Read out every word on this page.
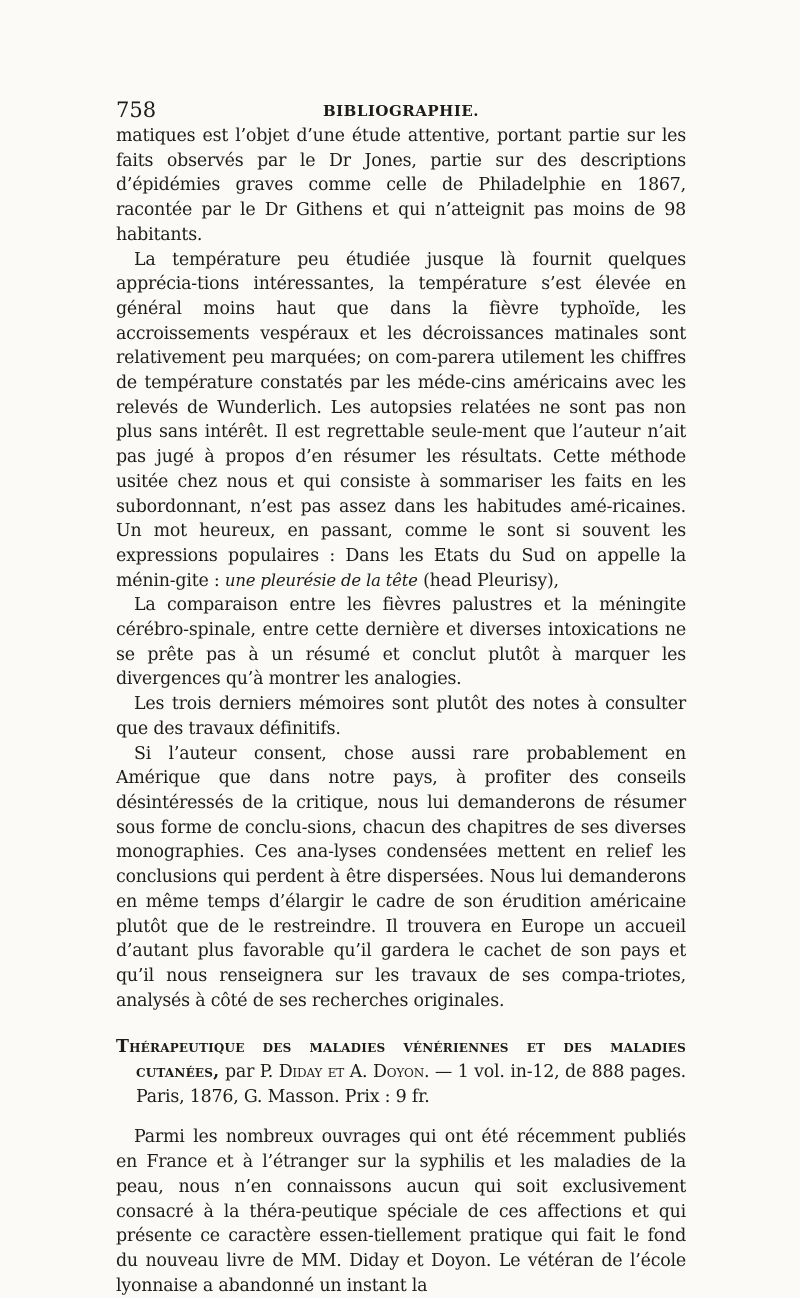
758	BIBLIOGRAPHIE.

matiques est l’objet d’une étude attentive, portant partie sur les faits observés par le Dr Jones, partie sur des descriptions d’épidémies graves comme celle de Philadelphie en 1867, racontée par le Dr Githens et qui n’atteignit pas moins de 98 habitants.

La température peu étudiée jusque là fournit quelques apprécia-tions intéressantes, la température s’est élevée en général moins haut que dans la fièvre typhoïde, les accroissements vespéraux et les décroissances matinales sont relativement peu marquées; on com-parera utilement les chiffres de température constatés par les méde-cins américains avec les relevés de Wunderlich. Les autopsies relatées ne sont pas non plus sans intérêt. Il est regrettable seule-ment que l’auteur n’ait pas jugé à propos d’en résumer les résultats. Cette méthode usitée chez nous et qui consiste à sommariser les faits en les subordonnant, n’est pas assez dans les habitudes amé-ricaines. Un mot heureux, en passant, comme le sont si souvent les expressions populaires : Dans les Etats du Sud on appelle la ménin-gite : une pleurésie de la tête (head Pleurisy),

La comparaison entre les fièvres palustres et la méningite cérébro-spinale, entre cette dernière et diverses intoxications ne se prête pas à un résumé et conclut plutôt à marquer les divergences qu’à montrer les analogies.

Les trois derniers mémoires sont plutôt des notes à consulter que des travaux définitifs.

Si l’auteur consent, chose aussi rare probablement en Amérique que dans notre pays, à profiter des conseils désintéressés de la critique, nous lui demanderons de résumer sous forme de conclu-sions, chacun des chapitres de ses diverses monographies. Ces ana-lyses condensées mettent en relief les conclusions qui perdent à être dispersées. Nous lui demanderons en même temps d’élargir le cadre de son érudition américaine plutôt que de le restreindre. Il trouvera en Europe un accueil d’autant plus favorable qu’il gardera le cachet de son pays et qu’il nous renseignera sur les travaux de ses compa-triotes, analysés à côté de ses recherches originales.

Thérapeutique des maladies vénériennes et des maladies cutanées, par P. Diday et A. Doyon. — 1 vol. in-12, de 888 pages. Paris, 1876, G. Masson. Prix : 9 fr.

Parmi les nombreux ouvrages qui ont été récemment publiés en France et à l’étranger sur la syphilis et les maladies de la peau, nous n’en connaissons aucun qui soit exclusivement consacré à la théra-peutique spéciale de ces affections et qui présente ce caractère essen-tiellement pratique qui fait le fond du nouveau livre de MM. Diday et Doyon. Le vétéran de l’école lyonnaise a abandonné un instant la
